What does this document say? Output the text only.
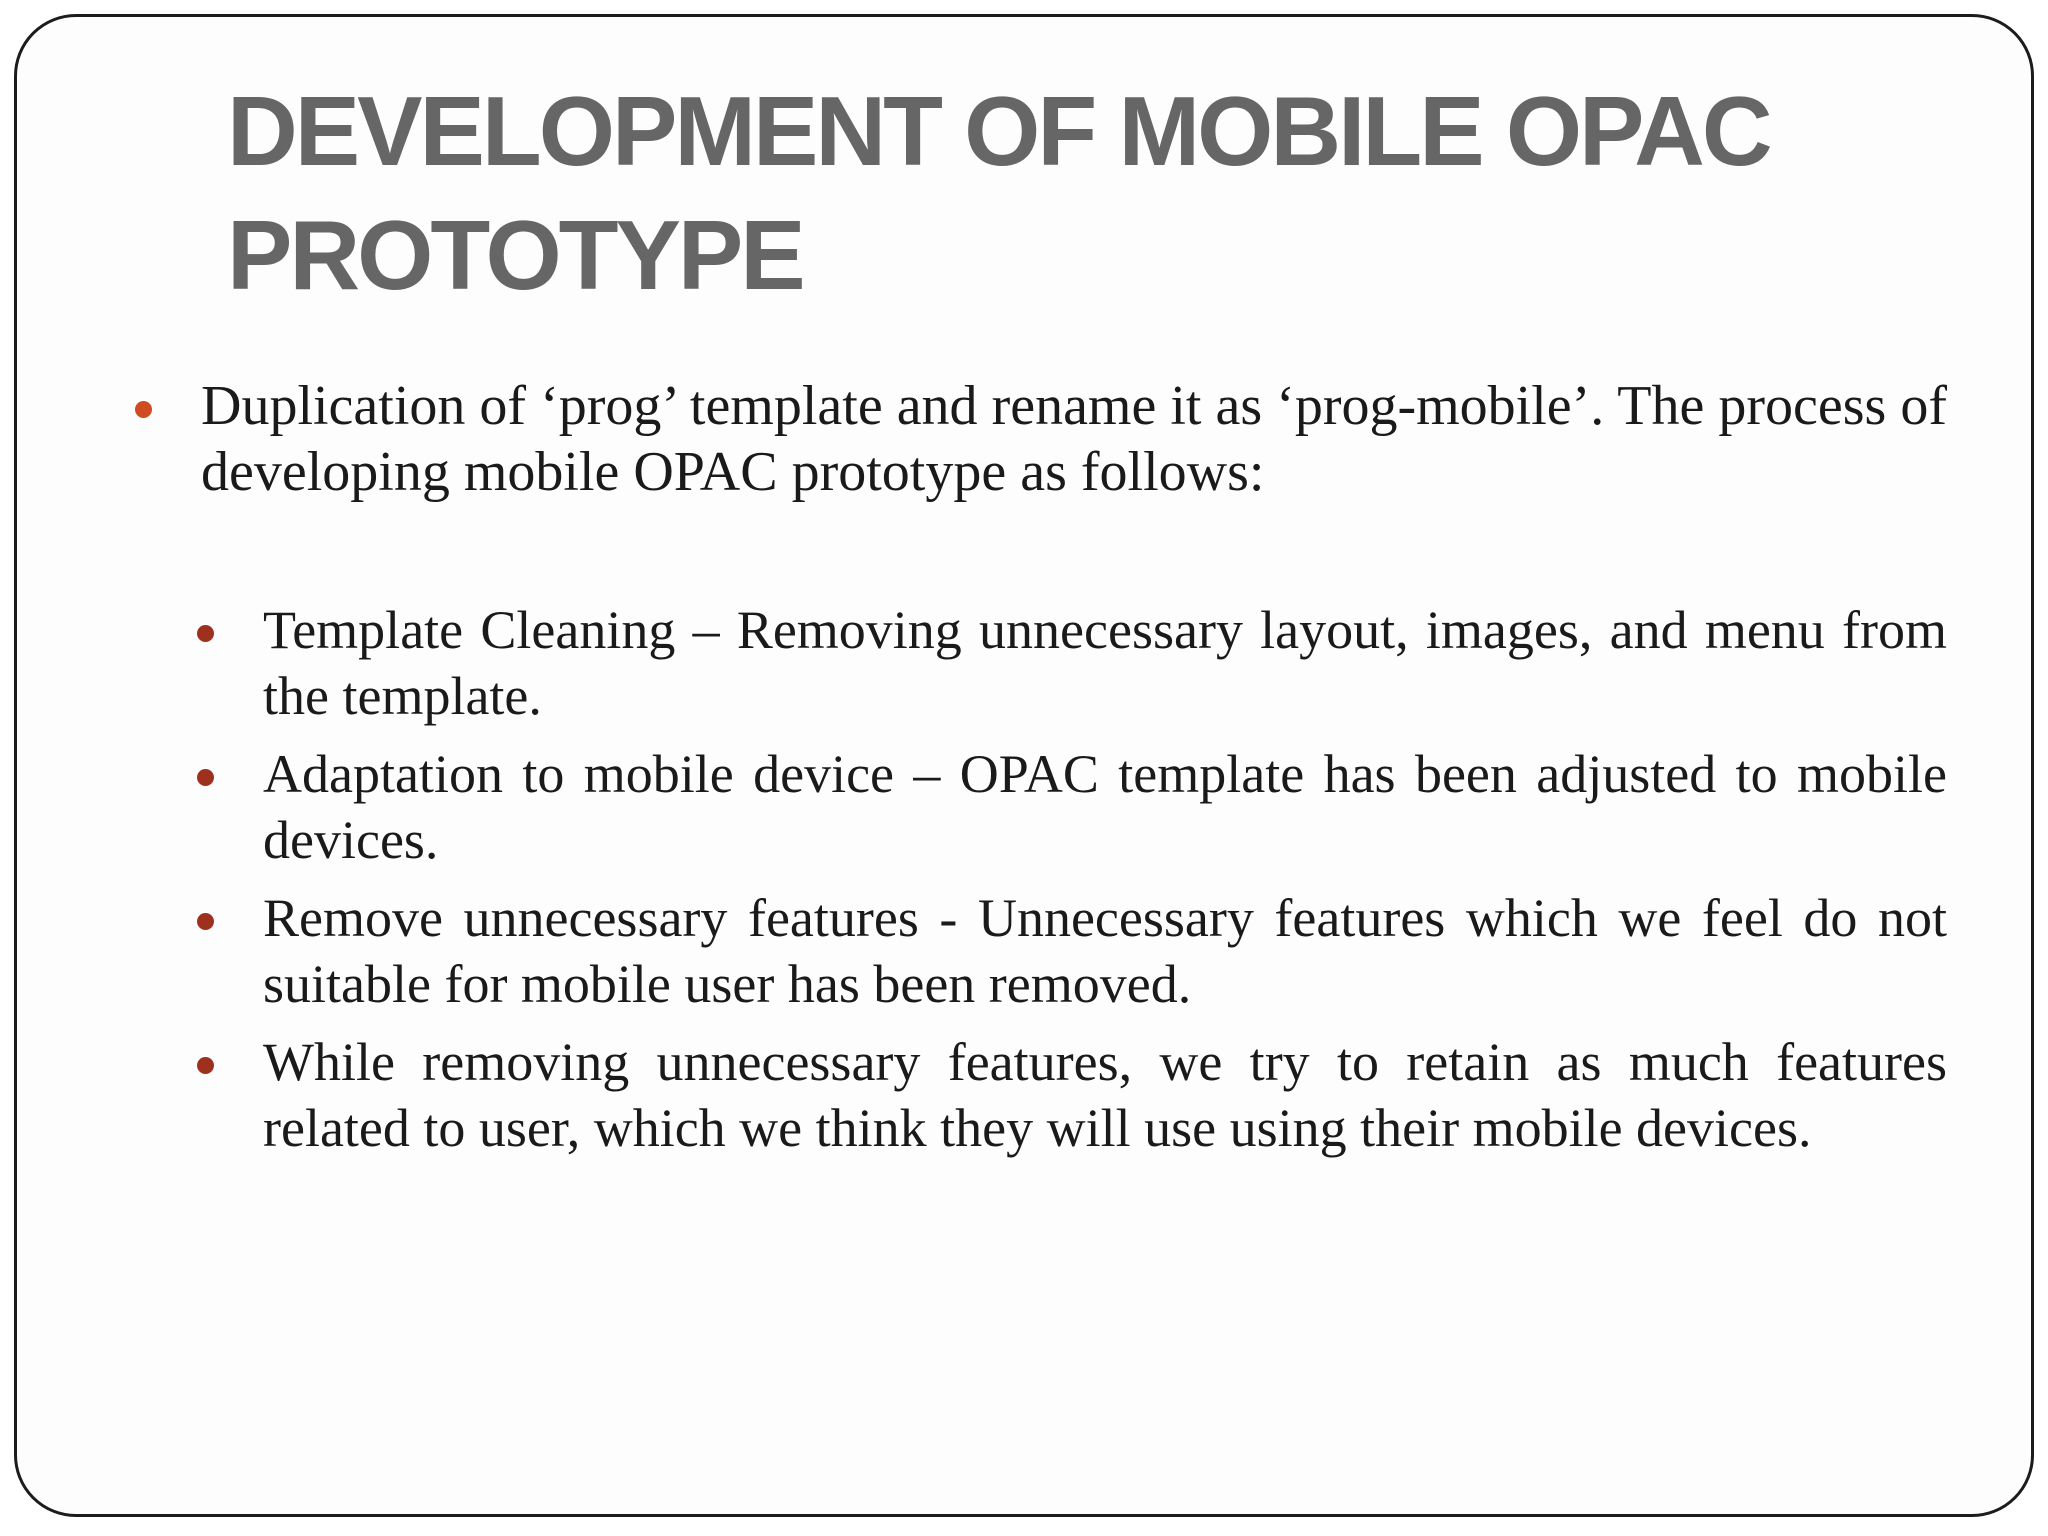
DEVELOPMENT OF MOBILE OPAC PROTOTYPE
Duplication of ‘prog’ template and rename it as ‘prog-mobile’. The process of developing mobile OPAC prototype as follows:
Template Cleaning – Removing unnecessary layout, images, and menu from the template.
Adaptation to mobile device – OPAC template has been adjusted to mobile devices.
Remove unnecessary features - Unnecessary features which we feel do not suitable for mobile user has been removed.
While removing unnecessary features, we try to retain as much features related to user, which we think they will use using their mobile devices.
